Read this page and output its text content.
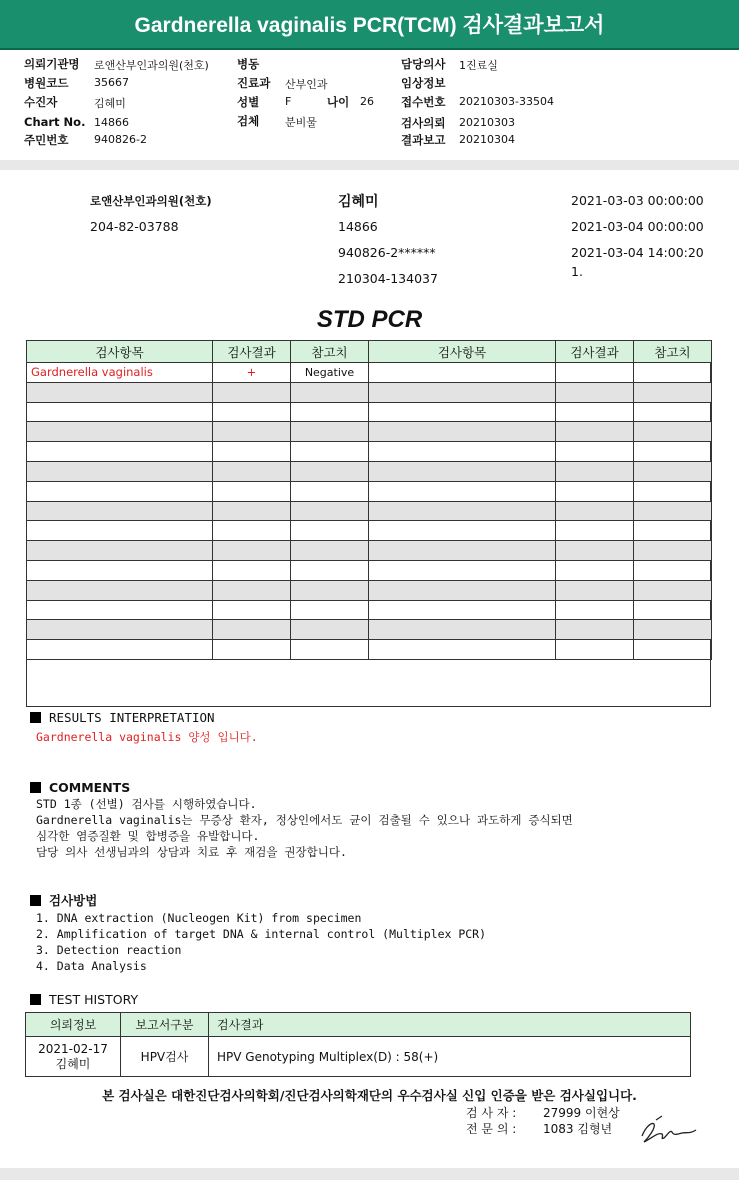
Gardnerella vaginalis PCR(TCM) 검사결과보고서
의뢰기관명 로앤산부인과의원(천호)
병원코드 35667
수진자	김혜미
Chart No. 14866
주민번호 940826-2
병동
진료과 산부인과
성별 F	나이 26
검체 분비물
담당의사 1진료실
임상정보
접수번호 20210303-33504
검사의뢰 20210303
결과보고 20210304
로앤산부인과의원(천호)
204-82-03788
김혜미
14866
940826-2******
210304-134037
2021-03-03 00:00:00
2021-03-04 00:00:00
2021-03-04 14:00:20
1.
STD PCR
검사항목	검사결과	참고치	검사항목	검사결과	참고치
Gardnerella vaginalis	+	Negative			

RESULTS INTERPRETATION
Gardnerella vaginalis 양성 입니다.
COMMENTS
STD 1종 (선별) 검사를 시행하였습니다.
Gardnerella vaginalis는 무증상 환자, 정상인에서도 균이 검출될 수 있으나 과도하게 증식되면
심각한 염증질환 및 합병증을 유발합니다.
담당 의사 선생님과의 상담과 치료 후 재검을 권장합니다.
검사방법
1. DNA extraction (Nucleogen Kit) from specimen
2. Amplification of target DNA & internal control (Multiplex PCR)
3. Detection reaction
4. Data Analysis
TEST HISTORY
의뢰정보	보고서구분	검사결과

2021-02-17
김혜미	HPV검사	HPV Genotyping Multiplex(D) : 58(+)
본 검사실은 대한진단검사의학회/진단검사의학재단의 우수검사실 신입 인증을 받은 검사실입니다.
검 사 자 : 27999 이현상
전 문 의 : 1083 김형년
